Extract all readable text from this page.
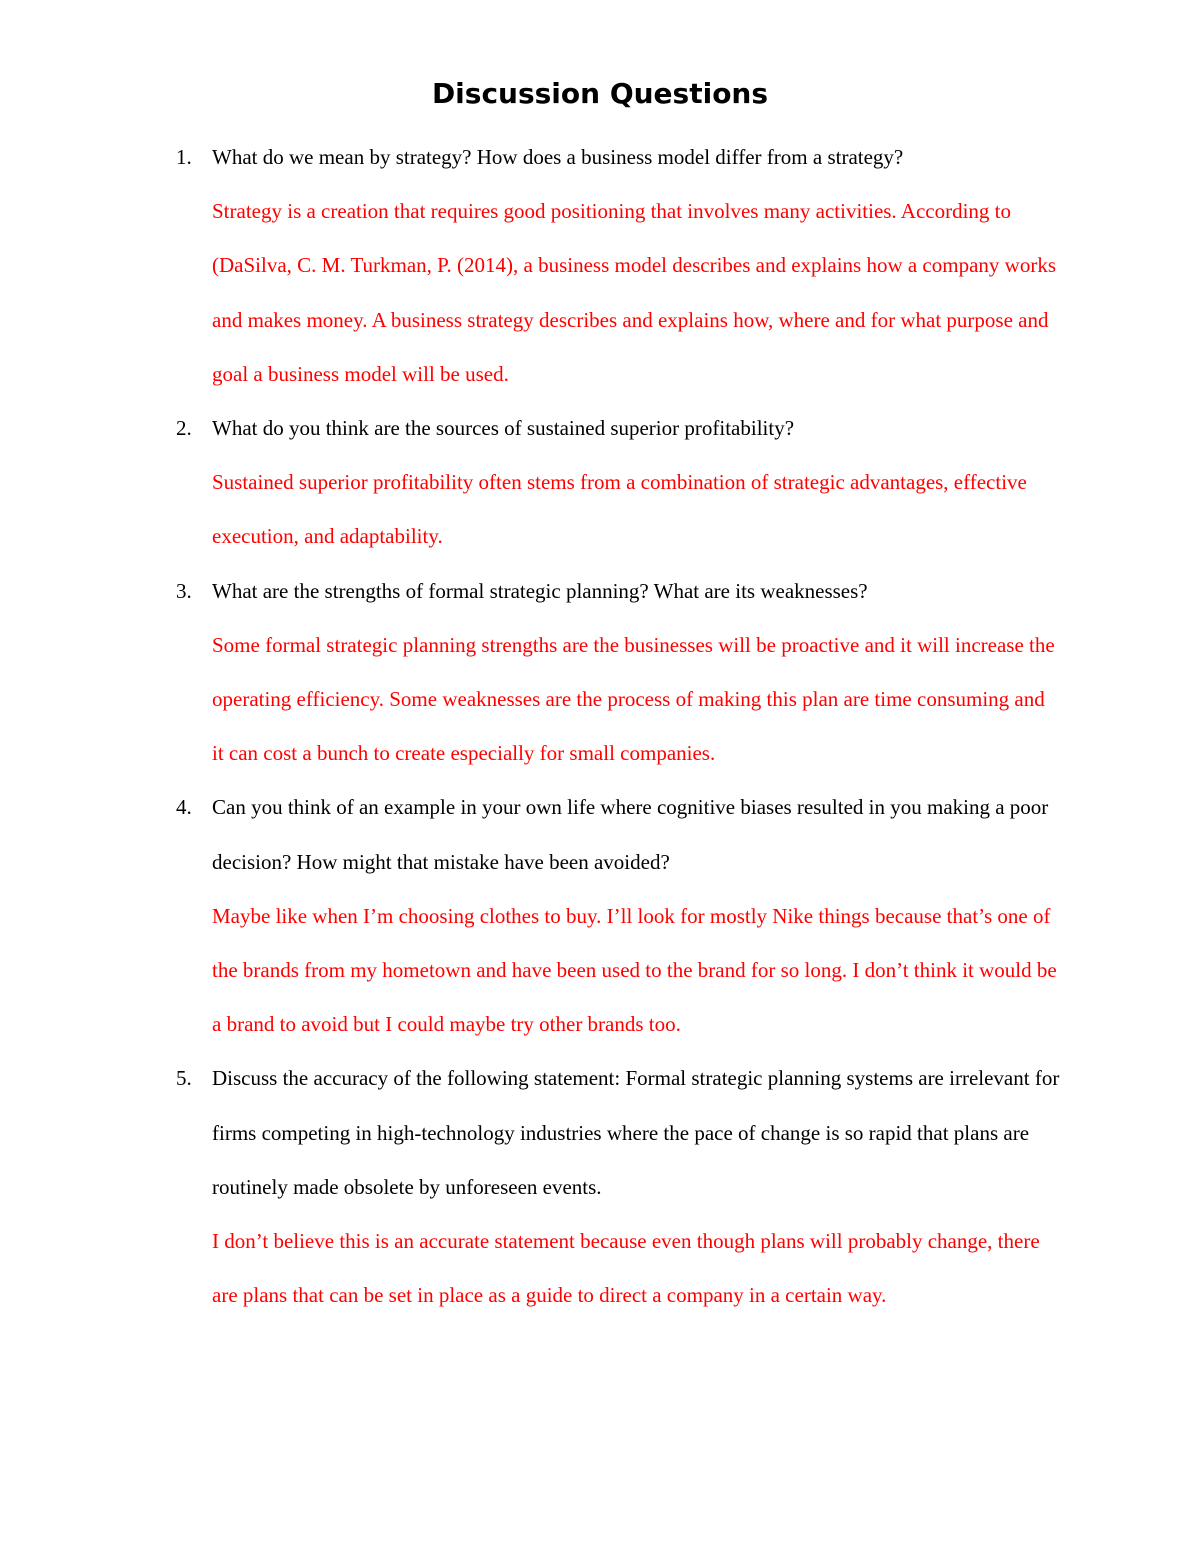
Discussion Questions
1. What do we mean by strategy? How does a business model differ from a strategy?
Strategy is a creation that requires good positioning that involves many activities. According to (DaSilva, C. M. Turkman, P. (2014), a business model describes and explains how a company works and makes money. A business strategy describes and explains how, where and for what purpose and goal a business model will be used.
2. What do you think are the sources of sustained superior profitability?
Sustained superior profitability often stems from a combination of strategic advantages, effective execution, and adaptability.
3. What are the strengths of formal strategic planning? What are its weaknesses?
Some formal strategic planning strengths are the businesses will be proactive and it will increase the operating efficiency. Some weaknesses are the process of making this plan are time consuming and it can cost a bunch to create especially for small companies.
4. Can you think of an example in your own life where cognitive biases resulted in you making a poor decision? How might that mistake have been avoided?
Maybe like when I’m choosing clothes to buy. I’ll look for mostly Nike things because that’s one of the brands from my hometown and have been used to the brand for so long. I don’t think it would be a brand to avoid but I could maybe try other brands too.
5. Discuss the accuracy of the following statement: Formal strategic planning systems are irrelevant for firms competing in high-technology industries where the pace of change is so rapid that plans are routinely made obsolete by unforeseen events.
I don’t believe this is an accurate statement because even though plans will probably change, there are plans that can be set in place as a guide to direct a company in a certain way.
